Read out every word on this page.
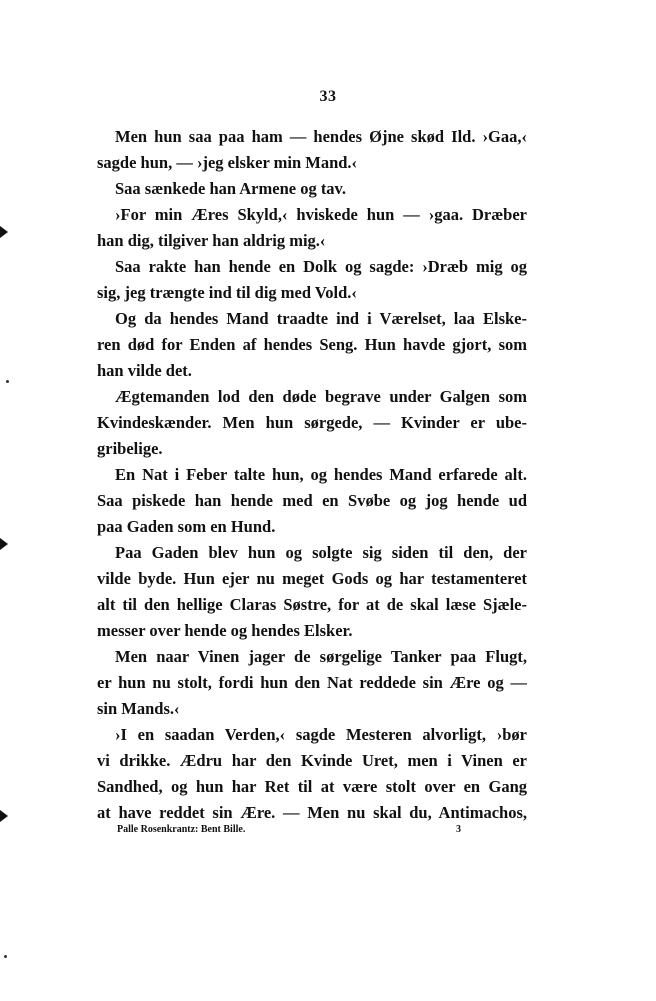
33
Men hun saa paa ham — hendes Øjne skød Ild. ›Gaa,‹
sagde hun, — ›jeg elsker min Mand.‹
Saa sænkede han Armene og tav.
›For min Æres Skyld,‹ hviskede hun — ›gaa. Dræber
han dig, tilgiver han aldrig mig.‹
Saa rakte han hende en Dolk og sagde: ›Dræb mig og
sig, jeg trængte ind til dig med Vold.‹
Og da hendes Mand traadte ind i Værelset, laa Elske-
ren død for Enden af hendes Seng. Hun havde gjort, som
han vilde det.
Ægtemanden lod den døde begrave under Galgen som
Kvindeskænder. Men hun sørgede, — Kvinder er ube-
gribelige.
En Nat i Feber talte hun, og hendes Mand erfarede alt.
Saa piskede han hende med en Svøbe og jog hende ud
paa Gaden som en Hund.
Paa Gaden blev hun og solgte sig siden til den, der
vilde byde. Hun ejer nu meget Gods og har testamenteret
alt til den hellige Claras Søstre, for at de skal læse Sjæle-
messer over hende og hendes Elsker.
Men naar Vinen jager de sørgelige Tanker paa Flugt,
er hun nu stolt, fordi hun den Nat reddede sin Ære og —
sin Mands.‹
›I en saadan Verden,‹ sagde Mesteren alvorligt, ›bør
vi drikke. Ædru har den Kvinde Uret, men i Vinen er
Sandhed, og hun har Ret til at være stolt over en Gang
at have reddet sin Ære. — Men nu skal du, Antimachos,
Palle Rosenkrantz: Bent Bille.	3
